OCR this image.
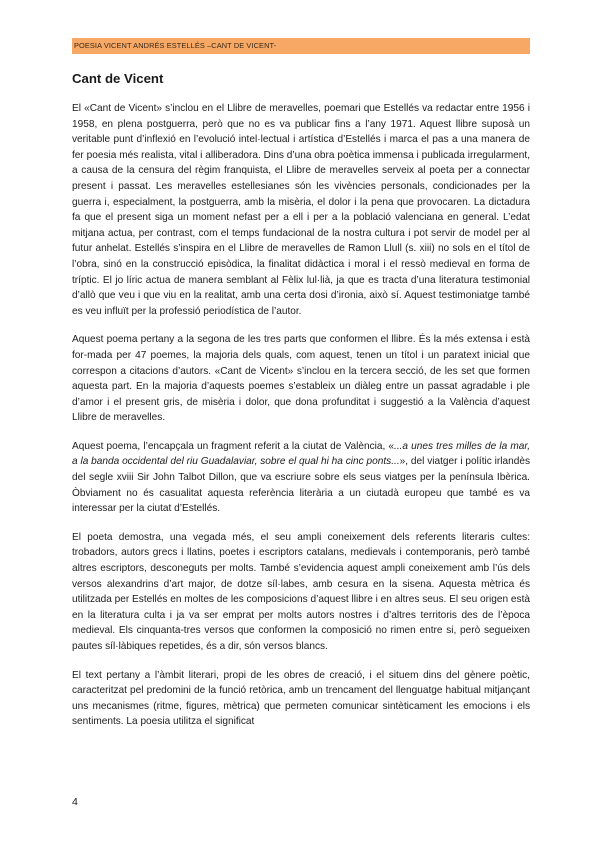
POESIA VICENT ANDRÉS ESTELLÉS –CANT DE VICENT-
Cant de Vicent

El «Cant de Vicent» s’inclou en el Llibre de meravelles, poemari que Estellés va redactar entre 1956 i 1958, en plena postguerra, però que no es va publicar fins a l’any 1971. Aquest llibre suposà un veritable punt d’inflexió en l’evolució intel·lectual i artística d’Estellés i marca el pas a una manera de fer poesia més realista, vital i alliberadora. Dins d’una obra poètica immensa i publicada irregularment, a causa de la censura del règim franquista, el Llibre de meravelles serveix al poeta per a connectar present i passat. Les meravelles estellesianes són les vivències personals, condicionades per la guerra i, especialment, la postguerra, amb la misèria, el dolor i la pena que provocaren. La dictadura fa que el present siga un moment nefast per a ell i per a la població valenciana en general. L’edat mitjana actua, per contrast, com el temps fundacional de la nostra cultura i pot servir de model per al futur anhelat. Estellés s’inspira en el Llibre de meravelles de Ramon Llull (s. xiii) no sols en el títol de l’obra, sinó en la construcció episòdica, la finalitat didàctica i moral i el ressò medieval en forma de tríptic. El jo líric actua de manera semblant al Fèlix lul·lià, ja que es tracta d’una literatura testimonial d’allò que veu i que viu en la realitat, amb una certa dosi d’ironia, això sí. Aquest testimoniatge també es veu influït per la professió periodística de l’autor.

Aquest poema pertany a la segona de les tres parts que conformen el llibre. És la més extensa i està for-mada per 47 poemes, la majoria dels quals, com aquest, tenen un títol i un paratext inicial que correspon a citacions d’autors. «Cant de Vicent» s’inclou en la tercera secció, de les set que formen aquesta part. En la majoria d’aquests poemes s’estableix un diàleg entre un passat agradable i ple d’amor i el present gris, de misèria i dolor, que dona profunditat i suggestió a la València d’aquest Llibre de meravelles.

Aquest poema, l’encapçala un fragment referit a la ciutat de València, «...a unes tres milles de la mar, a la banda occidental del riu Guadalaviar, sobre el qual hi ha cinc ponts...», del viatger i polític irlandès del segle xviii Sir John Talbot Dillon, que va escriure sobre els seus viatges per la península Ibèrica. Òbviament no és casualitat aquesta referència literària a un ciutadà europeu que també es va interessar per la ciutat d’Estellés.

El poeta demostra, una vegada més, el seu ampli coneixement dels referents literaris cultes: trobadors, autors grecs i llatins, poetes i escriptors catalans, medievals i contemporanis, però també altres escriptors, desconeguts per molts. També s’evidencia aquest ampli coneixement amb l’ús dels versos alexandrins d’art major, de dotze síl·labes, amb cesura en la sisena. Aquesta mètrica és utilitzada per Estellés en moltes de les composicions d’aquest llibre i en altres seus. El seu origen està en la literatura culta i ja va ser emprat per molts autors nostres i d’altres territoris des de l’època medieval. Els cinquanta-tres versos que conformen la composició no rimen entre si, però segueixen pautes síl·làbiques repetides, és a dir, són versos blancs.

El text pertany a l’àmbit literari, propi de les obres de creació, i el situem dins del gènere poètic, caracteritzat pel predomini de la funció retòrica, amb un trencament del llenguatge habitual mitjançant uns mecanismes (ritme, figures, mètrica) que permeten comunicar sintèticament les emocions i els sentiments. La poesia utilitza el significat

4
